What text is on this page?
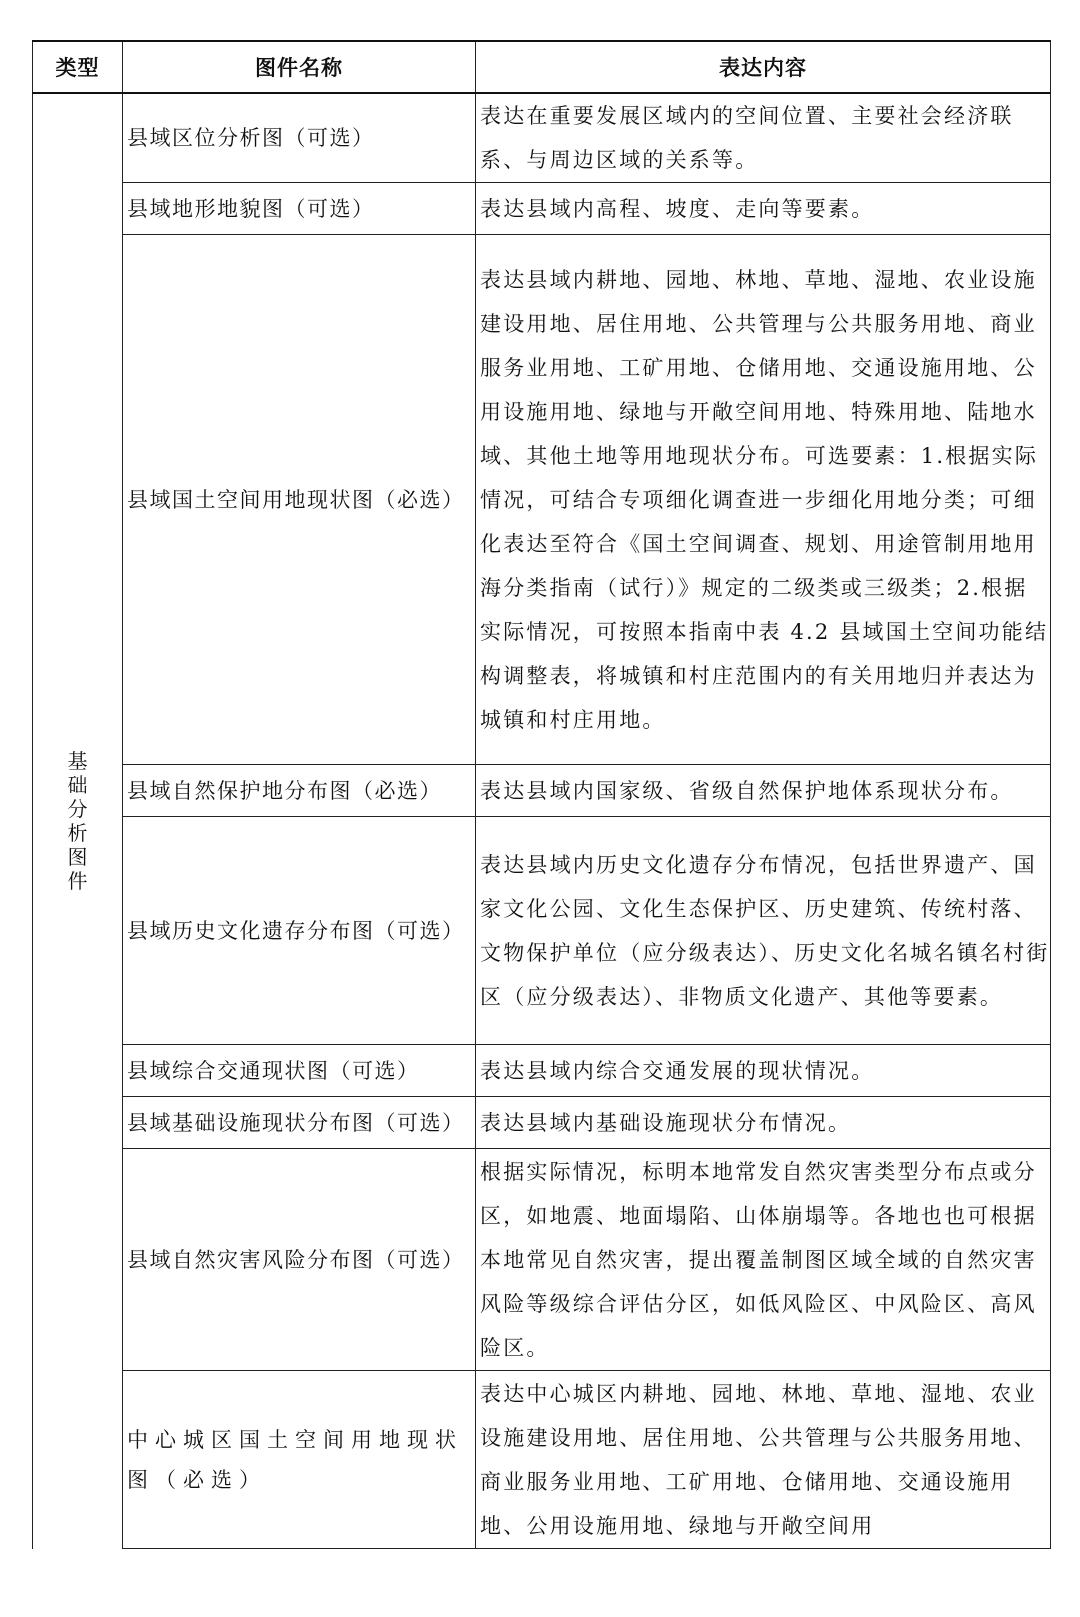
类型	图件名称	表达内容
基础分析图件	县域区位分析图（可选）	表达在重要发展区域内的空间位置、主要社会经济联系、与周边区域的关系等。
	县域地形地貌图（可选）	表达县域内高程、坡度、走向等要素。
	县域国土空间用地现状图（必选）	表达县域内耕地、园地、林地、草地、湿地、农业设施建设用地、居住用地、公共管理与公共服务用地、商业服务业用地、工矿用地、仓储用地、交通设施用地、公用设施用地、绿地与开敞空间用地、特殊用地、陆地水域、其他土地等用地现状分布。可选要素：1.根据实际情况，可结合专项细化调查进一步细化用地分类；可细化表达至符合《国土空间调查、规划、用途管制用地用海分类指南（试行）》规定的二级类或三级类；2.根据实际情况，可按照本指南中表 4.2 县域国土空间功能结构调整表，将城镇和村庄范围内的有关用地归并表达为城镇和村庄用地。
	县域自然保护地分布图（必选）	表达县域内国家级、省级自然保护地体系现状分布。
	县域历史文化遗存分布图（可选）	表达县域内历史文化遗存分布情况，包括世界遗产、国家文化公园、文化生态保护区、历史建筑、传统村落、文物保护单位（应分级表达）、历史文化名城名镇名村街区（应分级表达）、非物质文化遗产、其他等要素。
	县域综合交通现状图（可选）	表达县域内综合交通发展的现状情况。
	县域基础设施现状分布图（可选）	表达县域内基础设施现状分布情况。
	县域自然灾害风险分布图（可选）	根据实际情况，标明本地常发自然灾害类型分布点或分区，如地震、地面塌陷、山体崩塌等。各地也也可根据本地常见自然灾害，提出覆盖制图区域全域的自然灾害风险等级综合评估分区，如低风险区、中风险区、高风险区。
	中心城区国土空间用地现状图（必选）	表达中心城区内耕地、园地、林地、草地、湿地、农业设施建设用地、居住用地、公共管理与公共服务用地、商业服务业用地、工矿用地、仓储用地、交通设施用地、公用设施用地、绿地与开敞空间用
